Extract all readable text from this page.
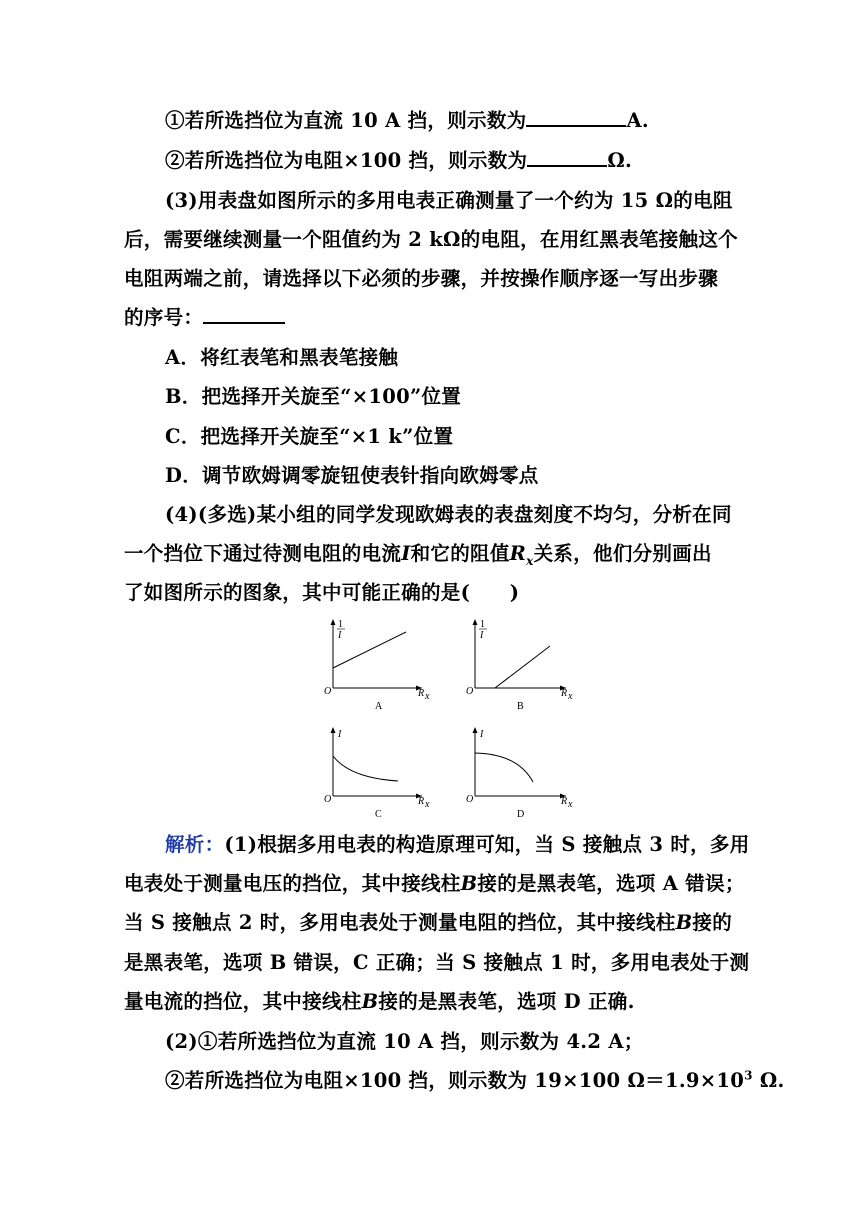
①若所选挡位为直流 10 A 挡，则示数为	A.
②若所选挡位为电阻×100 挡，则示数为	Ω.
(3)用表盘如图所示的多用电表正确测量了一个约为 15 Ω的电阻
后，需要继续测量一个阻值约为 2 kΩ的电阻，在用红黑表笔接触这个
电阻两端之前，请选择以下必须的步骤，并按操作顺序逐一写出步骤
的序号：
A．将红表笔和黑表笔接触
B．把选择开关旋至“×100”位置
C．把选择开关旋至“×1 k”位置
D．调节欧姆调零旋钮使表针指向欧姆零点
(4)(多选)某小组的同学发现欧姆表的表盘刻度不均匀，分析在同
一个挡位下通过待测电阻的电流I和它的阻值$R_x$关系，他们分别画出
了如图所示的图象，其中可能正确的是(　　)
1
I
O	R x
A
1
I
O	R x
B
I
O	R x
C
I
O	R x
D
解析：(1)根据多用电表的构造原理可知，当 S 接触点 3 时，多用
电表处于测量电压的挡位，其中接线柱B接的是黑表笔，选项 A 错误；
当 S 接触点 2 时，多用电表处于测量电阻的挡位，其中接线柱B接的
是黑表笔，选项 B 错误，C 正确；当 S 接触点 1 时，多用电表处于测
量电流的挡位，其中接线柱B接的是黑表笔，选项 D 正确.
(2)①若所选挡位为直流 10 A 挡，则示数为 4.2 A；
②若所选挡位为电阻×100 挡，则示数为 19×100 $\Omega=1.9\times 10^3$ Ω.
